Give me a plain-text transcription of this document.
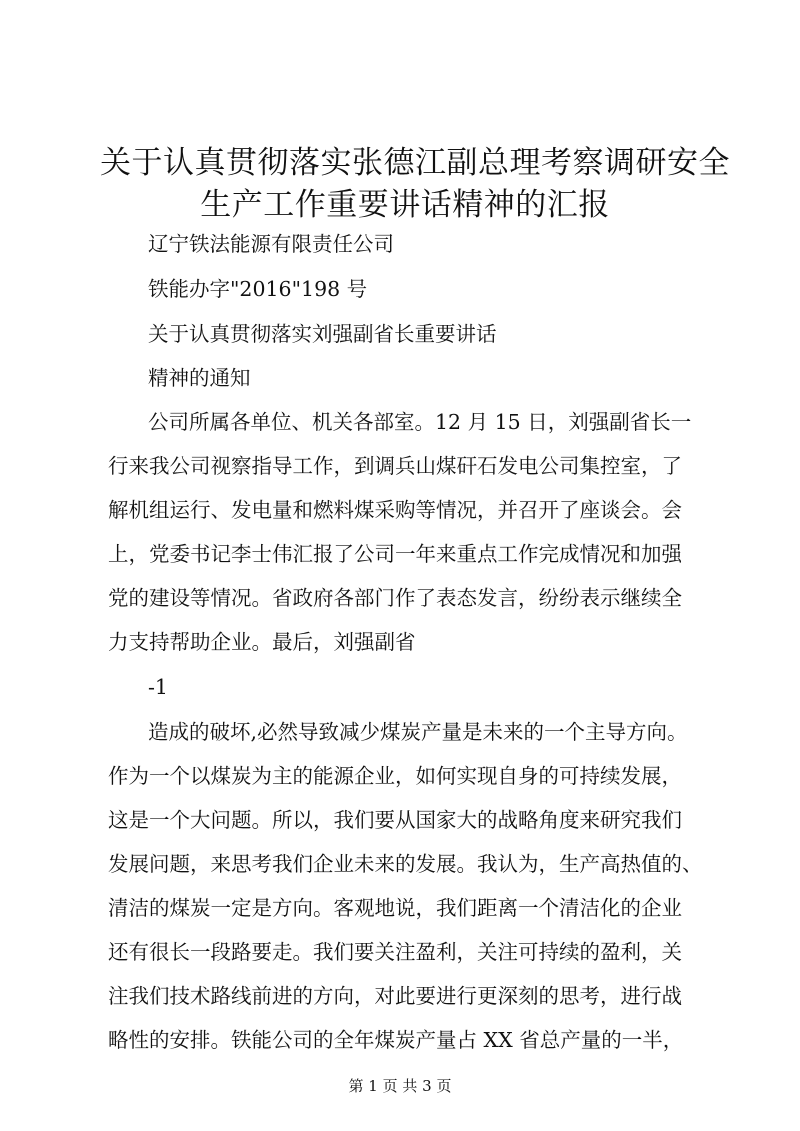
关于认真贯彻落实张德江副总理考察调研安全
生产工作重要讲话精神的汇报

辽宁铁法能源有限责任公司

铁能办字"2016"198 号

关于认真贯彻落实刘强副省长重要讲话

精神的通知

公司所属各单位、机关各部室。12 月 15 日，刘强副省长一

行来我公司视察指导工作，到调兵山煤矸石发电公司集控室，了

解机组运行、发电量和燃料煤采购等情况，并召开了座谈会。会

上，党委书记李士伟汇报了公司一年来重点工作完成情况和加强

党的建设等情况。省政府各部门作了表态发言，纷纷表示继续全

力支持帮助企业。最后，刘强副省

-1

造成的破坏,必然导致减少煤炭产量是未来的一个主导方向。

作为一个以煤炭为主的能源企业，如何实现自身的可持续发展，

这是一个大问题。所以，我们要从国家大的战略角度来研究我们

发展问题，来思考我们企业未来的发展。我认为，生产高热值的、

清洁的煤炭一定是方向。客观地说，我们距离一个清洁化的企业

还有很长一段路要走。我们要关注盈利，关注可持续的盈利，关

注我们技术路线前进的方向，对此要进行更深刻的思考，进行战

略性的安排。铁能公司的全年煤炭产量占 XX 省总产量的一半，

第 1 页 共 3 页
